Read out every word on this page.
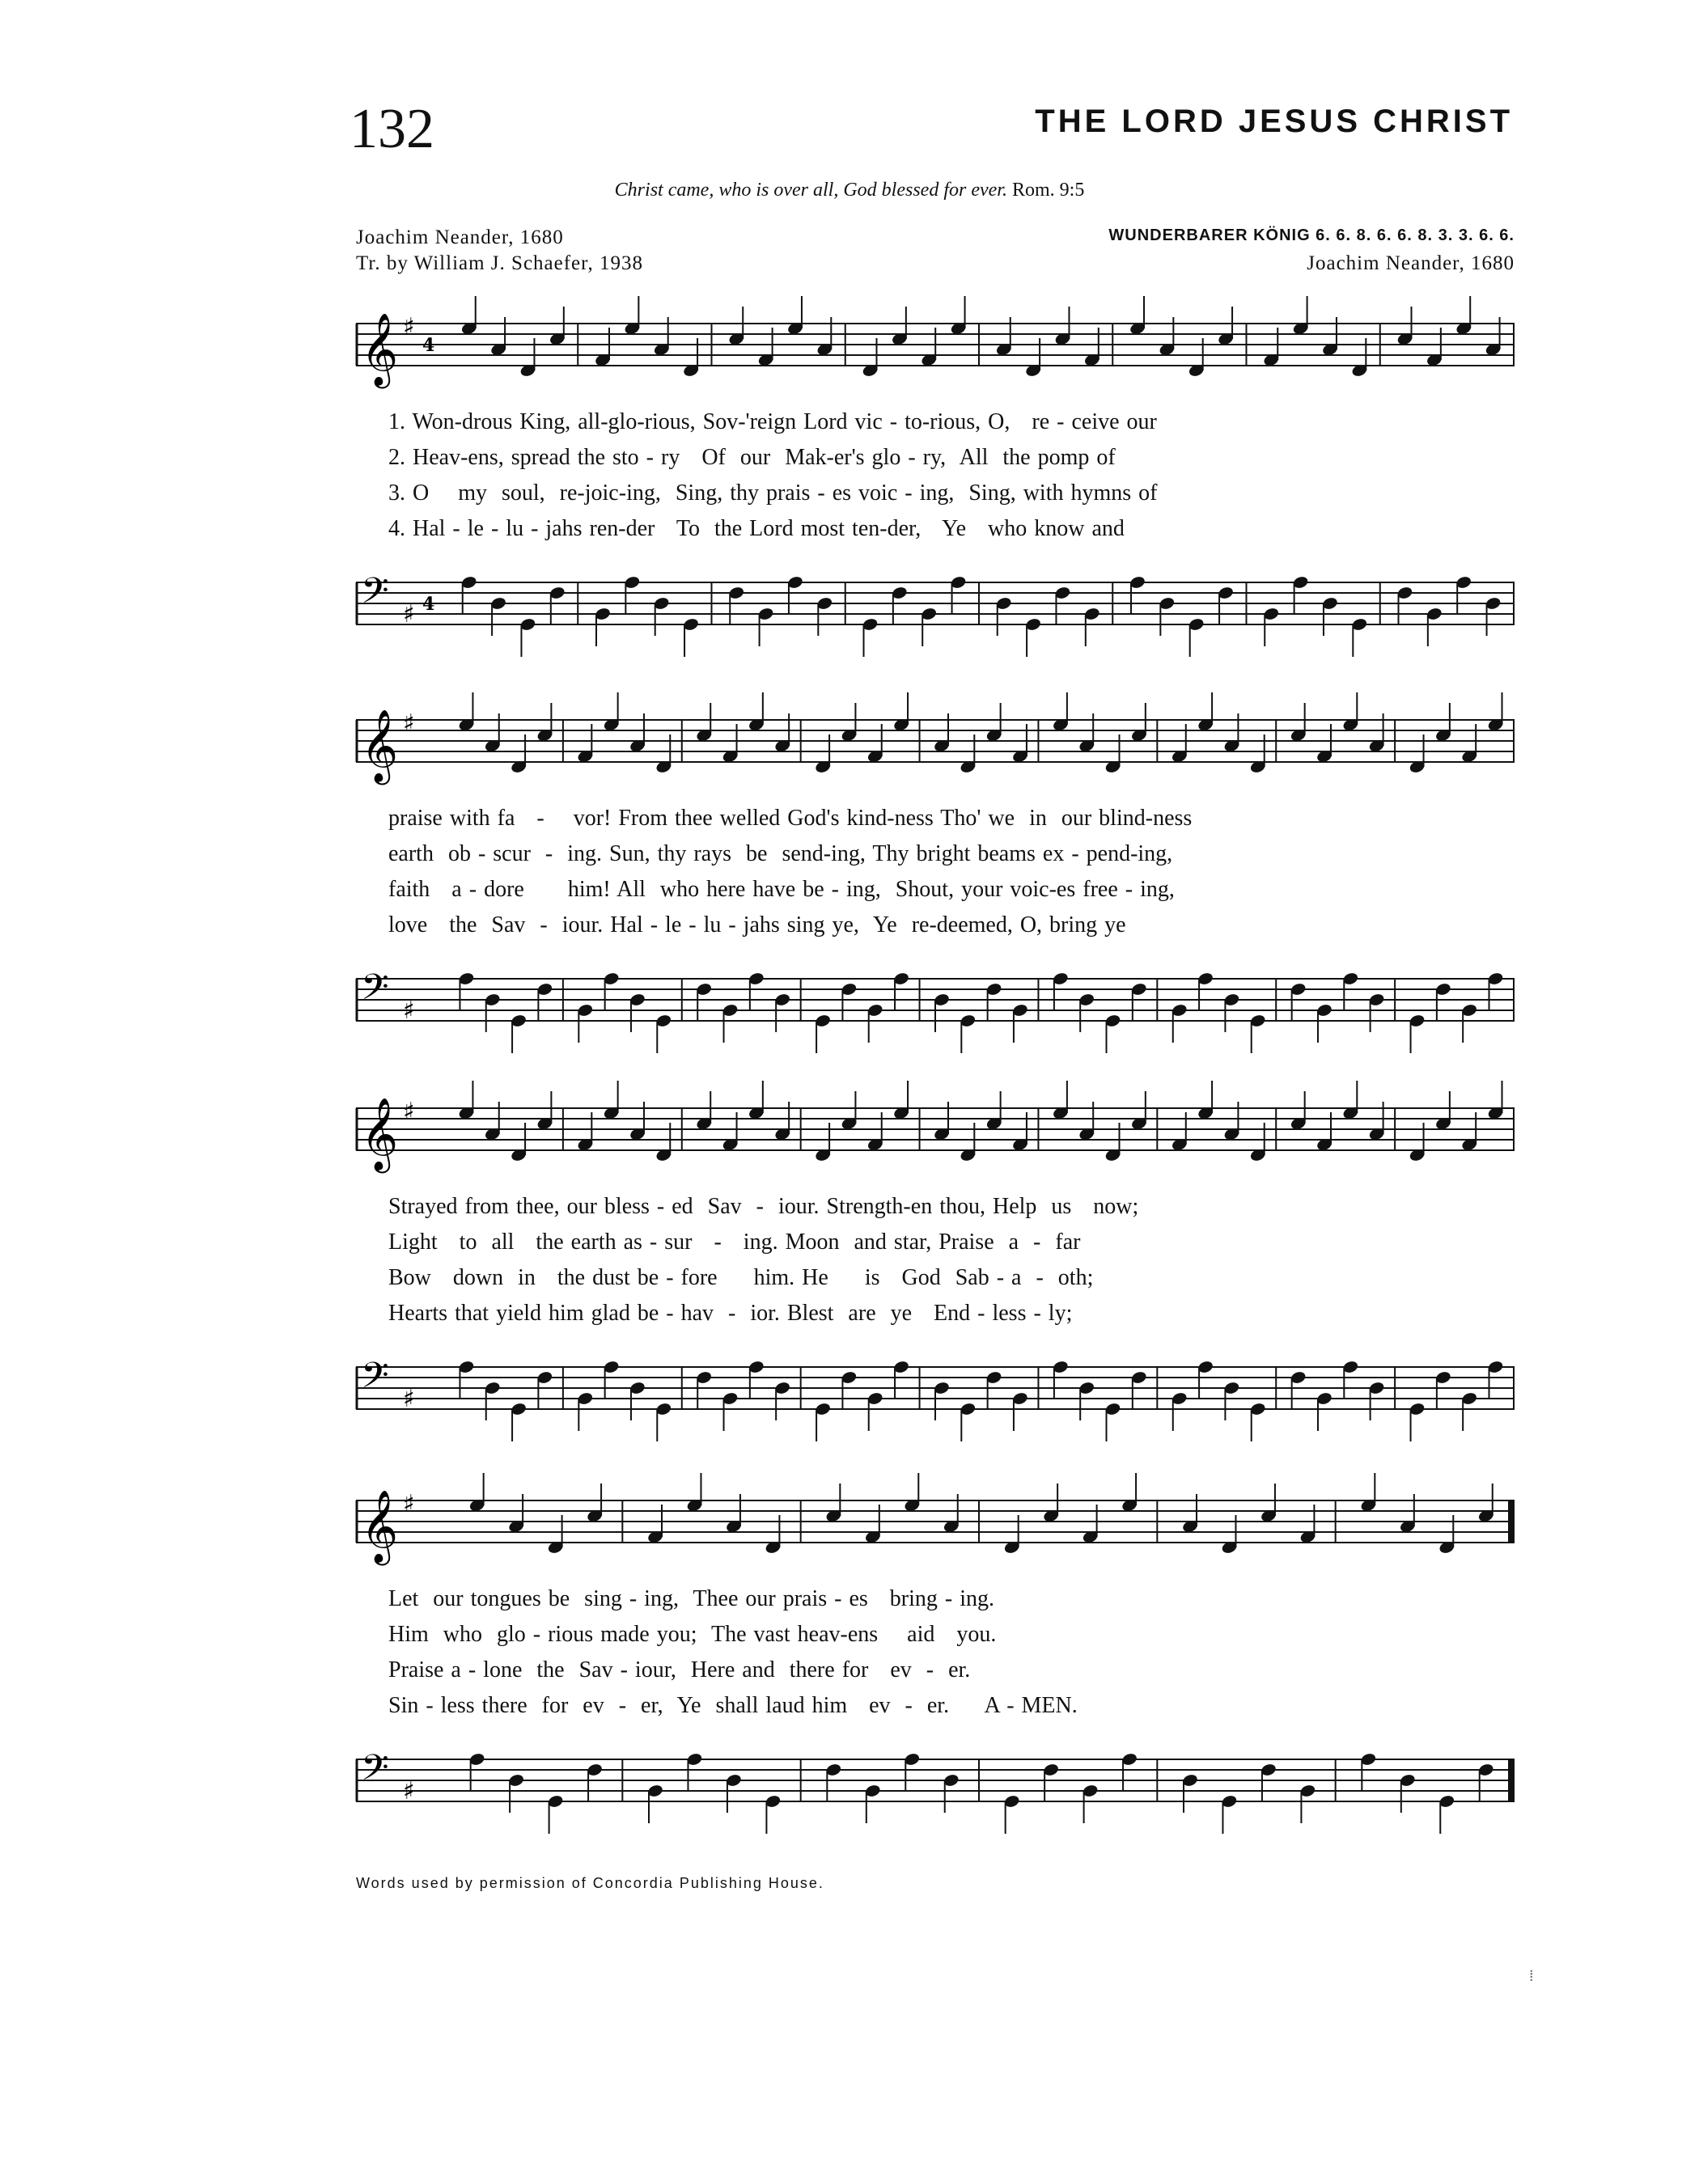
132	THE LORD JESUS CHRIST
Christ came, who is over all, God blessed for ever. Rom. 9:5
Joachim Neander, 1680
Tr. by William J. Schaefer, 1938
WUNDERBARER KÖNIG 6. 6. 8. 6. 6. 8. 3. 3. 6. 6.
Joachim Neander, 1680
𝄞 ♯
4
1. Won-drous King, all-glo-rious, Sov-'reign Lord vic - to-rious, O,   re - ceive our
2. Heav-ens, spread the sto - ry   Of  our  Mak-er's glo - ry,  All  the pomp of
3. O    my  soul,  re-joic-ing,  Sing, thy prais - es voic - ing,  Sing, with hymns of
4. Hal - le - lu - jahs ren-der   To  the Lord most ten-der,   Ye   who know and
𝄢 ♯ 4
𝄞 ♯
praise with fa   -    vor! From thee welled God's kind-ness Tho' we  in  our blind-ness
earth  ob - scur  -  ing. Sun, thy rays  be  send-ing, Thy bright beams ex - pend-ing,
faith   a - dore      him! All  who here have be - ing,  Shout, your voic-es free - ing,
love   the  Sav  -  iour. Hal - le - lu - jahs sing ye,  Ye  re-deemed, O, bring ye
𝄢 ♯
𝄞 ♯
Strayed from thee, our bless - ed  Sav  -  iour. Strength-en thou, Help  us   now;
Light   to  all   the earth as - sur   -   ing. Moon  and star, Praise  a  -  far
Bow   down  in   the dust be - fore     him. He     is   God  Sab - a  -  oth;
Hearts that yield him glad be - hav  -  ior. Blest  are  ye   End - less - ly;
𝄢 ♯
𝄞 ♯
Let  our tongues be  sing - ing,  Thee our prais - es   bring - ing.
Him  who  glo - rious made you;  The vast heav-ens    aid   you.
Praise a - lone  the  Sav - iour,  Here and  there for   ev  -  er.
Sin - less there  for  ev  -  er,  Ye  shall laud him   ev  -  er.     A - MEN.
𝄢 ♯
Words used by permission of Concordia Publishing House.
⁞
